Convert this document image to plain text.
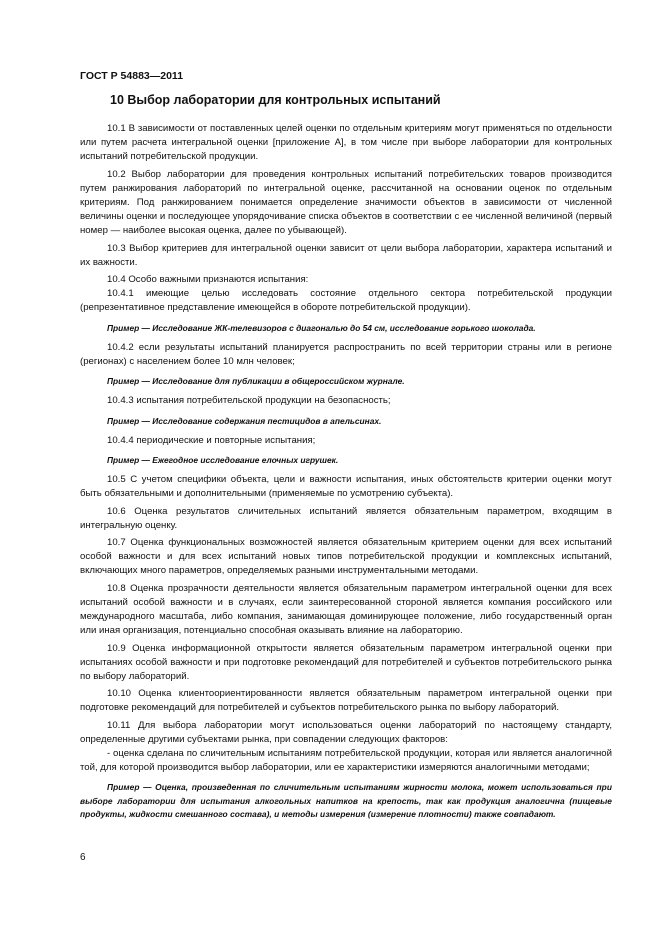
ГОСТ Р 54883—2011
10 Выбор лаборатории для контрольных испытаний

10.1 В зависимости от поставленных целей оценки по отдельным критериям могут применяться по отдельности или путем расчета интегральной оценки [приложение А], в том числе при выборе лаборатории для контрольных испытаний потребительской продукции.

10.2 Выбор лаборатории для проведения контрольных испытаний потребительских товаров производится путем ранжирования лабораторий по интегральной оценке, рассчитанной на основании оценок по отдельным критериям. Под ранжированием понимается определение значимости объектов в зависимости от численной величины оценки и последующее упорядочивание списка объектов в соответствии с ее численной величиной (первый номер — наиболее высокая оценка, далее по убывающей).

10.3 Выбор критериев для интегральной оценки зависит от цели выбора лаборатории, характера испытаний и их важности.

10.4 Особо важными признаются испытания:

10.4.1 имеющие целью исследовать состояние отдельного сектора потребительской продукции (репрезентативное представление имеющейся в обороте потребительской продукции).

Пример — Исследование ЖК-телевизоров с диагональю до 54 см, исследование горького шоколада.

10.4.2 если результаты испытаний планируется распространить по всей территории страны или в регионе (регионах) с населением более 10 млн человек;

Пример — Исследование для публикации в общероссийском журнале.

10.4.3 испытания потребительской продукции на безопасность;

Пример — Исследование содержания пестицидов в апельсинах.

10.4.4 периодические и повторные испытания;

Пример — Ежегодное исследование елочных игрушек.

10.5 С учетом специфики объекта, цели и важности испытания, иных обстоятельств критерии оценки могут быть обязательными и дополнительными (применяемые по усмотрению субъекта).

10.6 Оценка результатов сличительных испытаний является обязательным параметром, входящим в интегральную оценку.

10.7 Оценка функциональных возможностей является обязательным критерием оценки для всех испытаний особой важности и для всех испытаний новых типов потребительской продукции и комплексных испытаний, включающих много параметров, определяемых разными инструментальными методами.

10.8 Оценка прозрачности деятельности является обязательным параметром интегральной оценки для всех испытаний особой важности и в случаях, если заинтересованной стороной является компания российского или международного масштаба, либо компания, занимающая доминирующее положение, либо государственный орган или иная организация, потенциально способная оказывать влияние на лабораторию.

10.9 Оценка информационной открытости является обязательным параметром интегральной оценки при испытаниях особой важности и при подготовке рекомендаций для потребителей и субъектов потребительского рынка по выбору лабораторий.

10.10 Оценка клиентоориентированности является обязательным параметром интегральной оценки при подготовке рекомендаций для потребителей и субъектов потребительского рынка по выбору лабораторий.

10.11 Для выбора лаборатории могут использоваться оценки лабораторий по настоящему стандарту, определенные другими субъектами рынка, при совпадении следующих факторов:

- оценка сделана по сличительным испытаниям потребительской продукции, которая или является аналогичной той, для которой производится выбор лаборатории, или ее характеристики измеряются аналогичными методами;

Пример — Оценка, произведенная по сличительным испытаниям жирности молока, может использоваться при выборе лаборатории для испытания алкогольных напитков на крепость, так как продукция аналогична (пищевые продукты, жидкости смешанного состава), и методы измерения (измерение плотности) также совпадают.

6
